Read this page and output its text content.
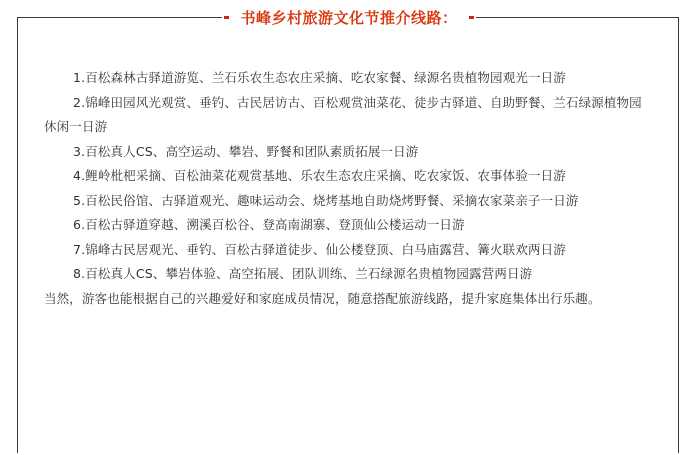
书峰乡村旅游文化节推介线路：

1.百松森林古驿道游览、兰石乐农生态农庄采摘、吃农家餐、绿源名贵植物园观光一日游

2.锦峰田园风光观赏、垂钓、古民居访古、百松观赏油菜花、徒步古驿道、自助野餐、兰石绿源植物园休闲一日游

3.百松真人CS、高空运动、攀岩、野餐和团队素质拓展一日游

4.鲤岭枇杷采摘、百松油菜花观赏基地、乐农生态农庄采摘、吃农家饭、农事体验一日游

5.百松民俗馆、古驿道观光、趣味运动会、烧烤基地自助烧烤野餐、采摘农家菜亲子一日游

6.百松古驿道穿越、溯溪百松谷、登高南湖寨、登顶仙公楼运动一日游

7.锦峰古民居观光、垂钓、百松古驿道徒步、仙公楼登顶、白马庙露营、篝火联欢两日游

8.百松真人CS、攀岩体验、高空拓展、团队训练、兰石绿源名贵植物园露营两日游

当然，游客也能根据自己的兴趣爱好和家庭成员情况，随意搭配旅游线路，提升家庭集体出行乐趣。
